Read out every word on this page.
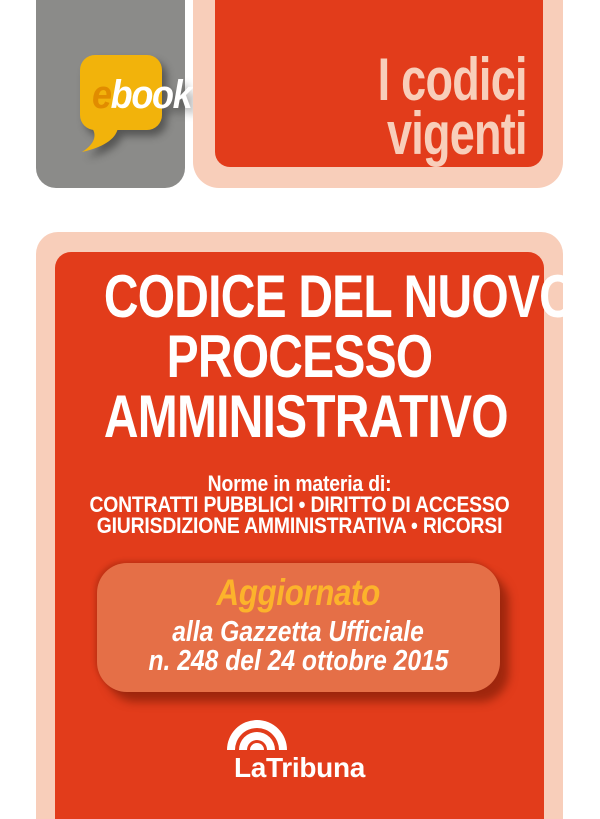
ebook	I codici
vigenti
CODICE DEL NUOVO
PROCESSO
AMMINISTRATIVO
Norme in materia di:
CONTRATTI PUBBLICI • DIRITTO DI ACCESSO
GIURISDIZIONE AMMINISTRATIVA • RICORSI
Aggiornato
alla Gazzetta Ufficiale
n. 248 del 24 ottobre 2015
LaTribuna
